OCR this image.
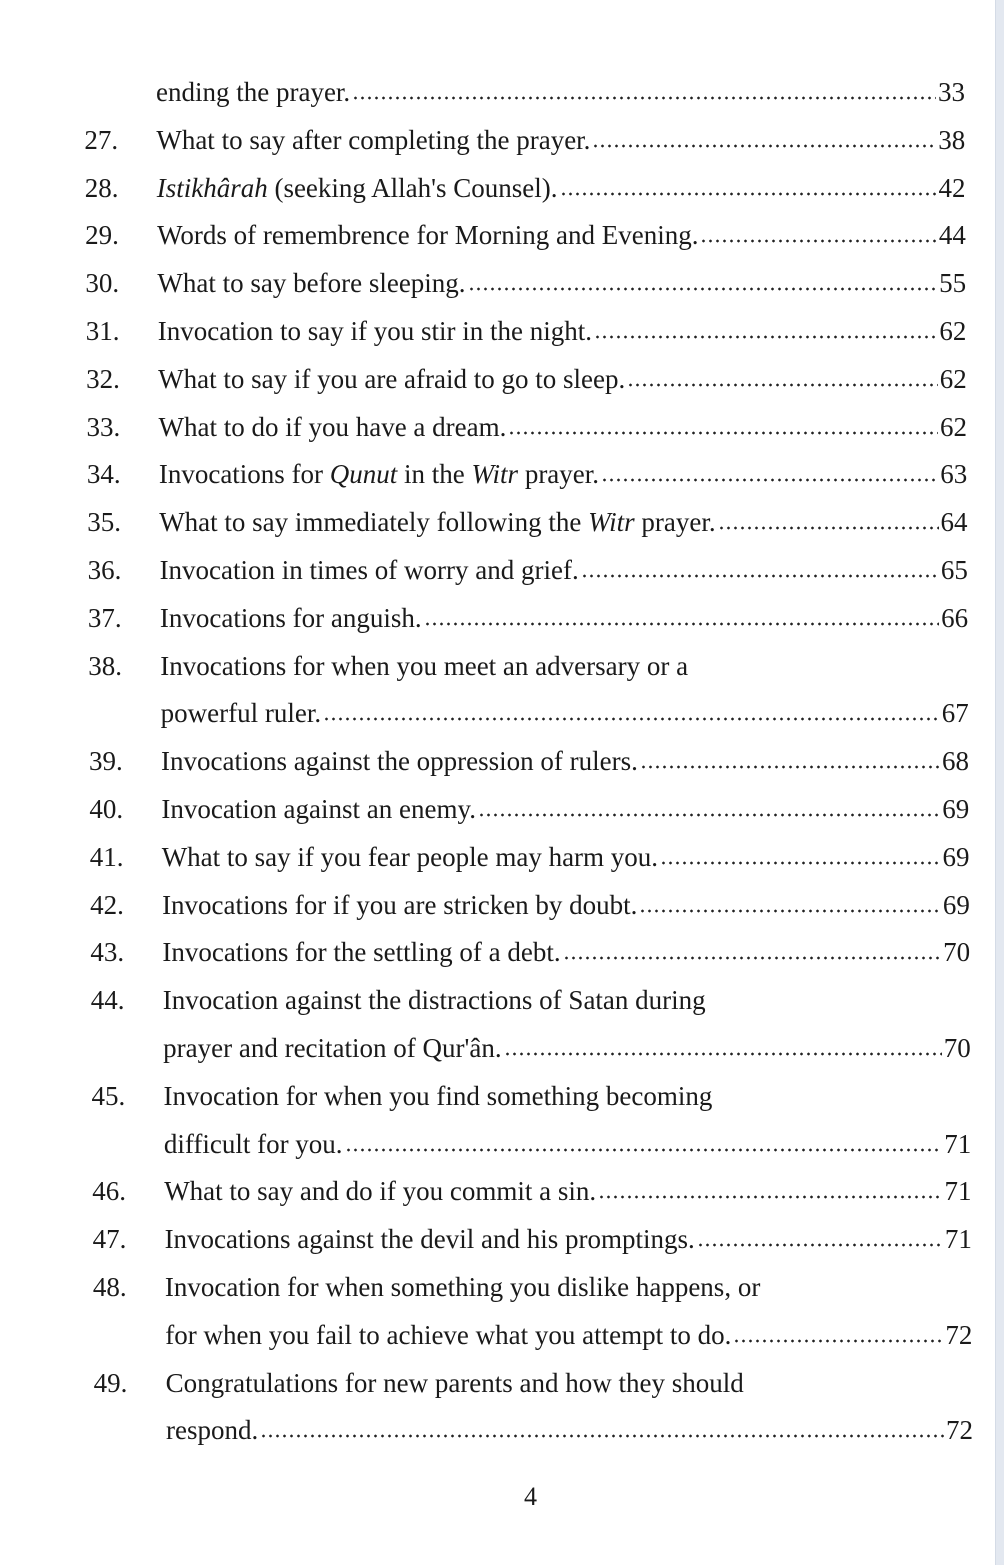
ending the prayer.	33
27.	What to say after completing the prayer.	38
28.	Istikhârah (seeking Allah's Counsel).	42
29.	Words of remembrence for Morning and Evening.	44
30.	What to say before sleeping.	55
31.	Invocation to say if you stir in the night.	62
32.	What to say if you are afraid to go to sleep.	62
33.	What to do if you have a dream.	62
34.	Invocations for Qunut in the Witr prayer.	63
35.	What to say immediately following the Witr prayer.	64
36.	Invocation in times of worry and grief.	65
37.	Invocations for anguish.	66
38.	Invocations for when you meet an adversary or a
powerful ruler.	67
39.	Invocations against the oppression of rulers.	68
40.	Invocation against an enemy.	69
41.	What to say if you fear people may harm you.	69
42.	Invocations for if you are stricken by doubt.	69
43.	Invocations for the settling of a debt.	70
44.	Invocation against the distractions of Satan during
prayer and recitation of Qur'ân.	70
45.	Invocation for when you find something becoming
difficult for you.	71
46.	What to say and do if you commit a sin.	71
47.	Invocations against the devil and his promptings.	71
48.	Invocation for when something you dislike happens, or
for when you fail to achieve what you attempt to do.	72
49.	Congratulations for new parents and how they should
respond.	72
4
